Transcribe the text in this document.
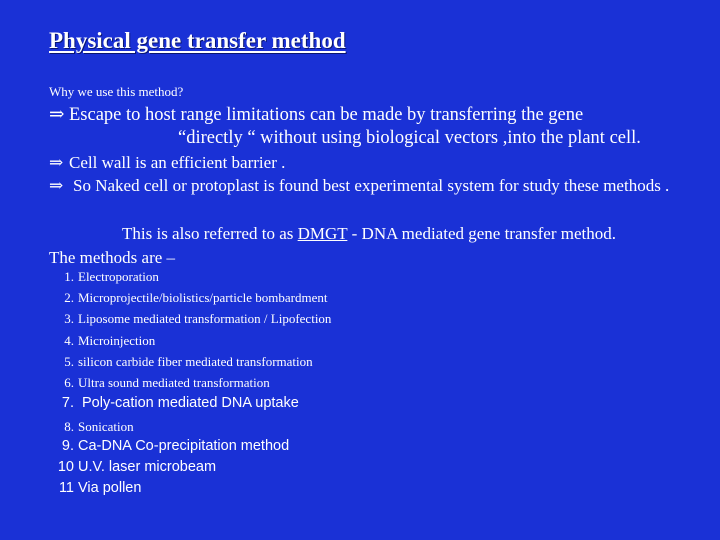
Physical gene transfer method
Why we use this method?
⇒ Escape to host range limitations can be made by transferring the gene
“directly “ without using biological vectors ,into the plant cell.
⇒ Cell wall is an efficient barrier .
⇒ So Naked cell or protoplast is found best experimental system for study these methods .
This is also referred to as DMGT - DNA mediated gene transfer method.
The methods are –
1. Electroporation
2. Microprojectile/biolistics/particle bombardment
3. Liposome mediated transformation / Lipofection
4. Microinjection
5. silicon carbide fiber mediated transformation
6. Ultra sound mediated transformation
7. Poly-cation mediated DNA uptake
8. Sonication
9. Ca-DNA Co-precipitation method
10 U.V. laser microbeam
11 Via pollen
